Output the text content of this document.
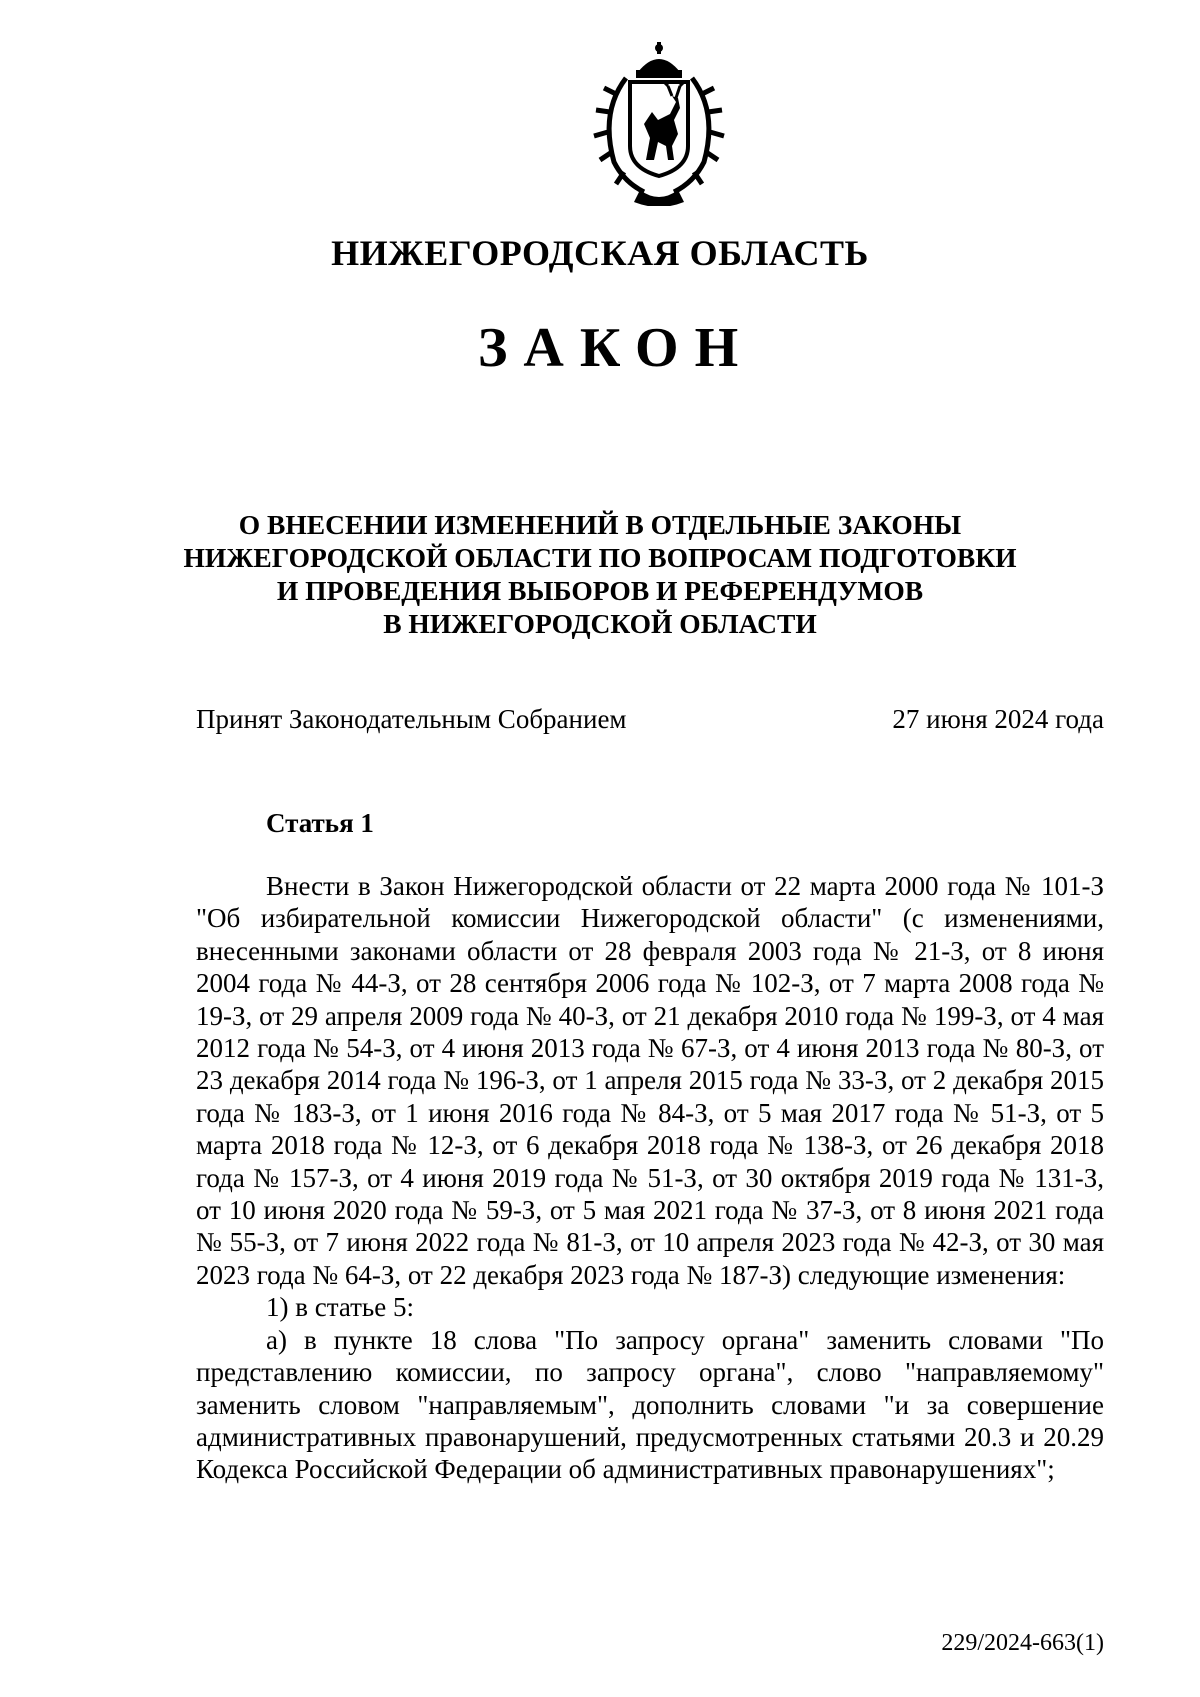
НИЖЕГОРОДСКАЯ ОБЛАСТЬ
ЗАКОН
О ВНЕСЕНИИ ИЗМЕНЕНИЙ В ОТДЕЛЬНЫЕ ЗАКОНЫ
НИЖЕГОРОДСКОЙ ОБЛАСТИ ПО ВОПРОСАМ ПОДГОТОВКИ
И ПРОВЕДЕНИЯ ВЫБОРОВ И РЕФЕРЕНДУМОВ
В НИЖЕГОРОДСКОЙ ОБЛАСТИ
Принят Законодательным Собранием	27 июня 2024 года
Статья 1

Внести в Закон Нижегородской области от 22 марта 2000 года № 101-З "Об избирательной комиссии Нижегородской области" (с изменениями, внесенными законами области от 28 февраля 2003 года № 21-З, от 8 июня 2004 года № 44-З, от 28 сентября 2006 года № 102-З, от 7 марта 2008 года № 19-З, от 29 апреля 2009 года № 40-З, от 21 декабря 2010 года № 199-З, от 4 мая 2012 года № 54-З, от 4 июня 2013 года № 67-З, от 4 июня 2013 года № 80-З, от 23 декабря 2014 года № 196-З, от 1 апреля 2015 года № 33-З, от 2 декабря 2015 года № 183-З, от 1 июня 2016 года № 84-З, от 5 мая 2017 года № 51-З, от 5 марта 2018 года № 12-З, от 6 декабря 2018 года № 138-З, от 26 декабря 2018 года № 157-З, от 4 июня 2019 года № 51-З, от 30 октября 2019 года № 131-З, от 10 июня 2020 года № 59-З, от 5 мая 2021 года № 37-З, от 8 июня 2021 года № 55-З, от 7 июня 2022 года № 81-З, от 10 апреля 2023 года № 42-З, от 30 мая 2023 года № 64-З, от 22 декабря 2023 года № 187-З) следующие изменения:

1) в статье 5:

а) в пункте 18 слова "По запросу органа" заменить словами "По представлению комиссии, по запросу органа", слово "направляемому" заменить словом "направляемым", дополнить словами "и за совершение административных правонарушений, предусмотренных статьями 20.3 и 20.29 Кодекса Российской Федерации об административных правонарушениях";

229/2024-663(1)
